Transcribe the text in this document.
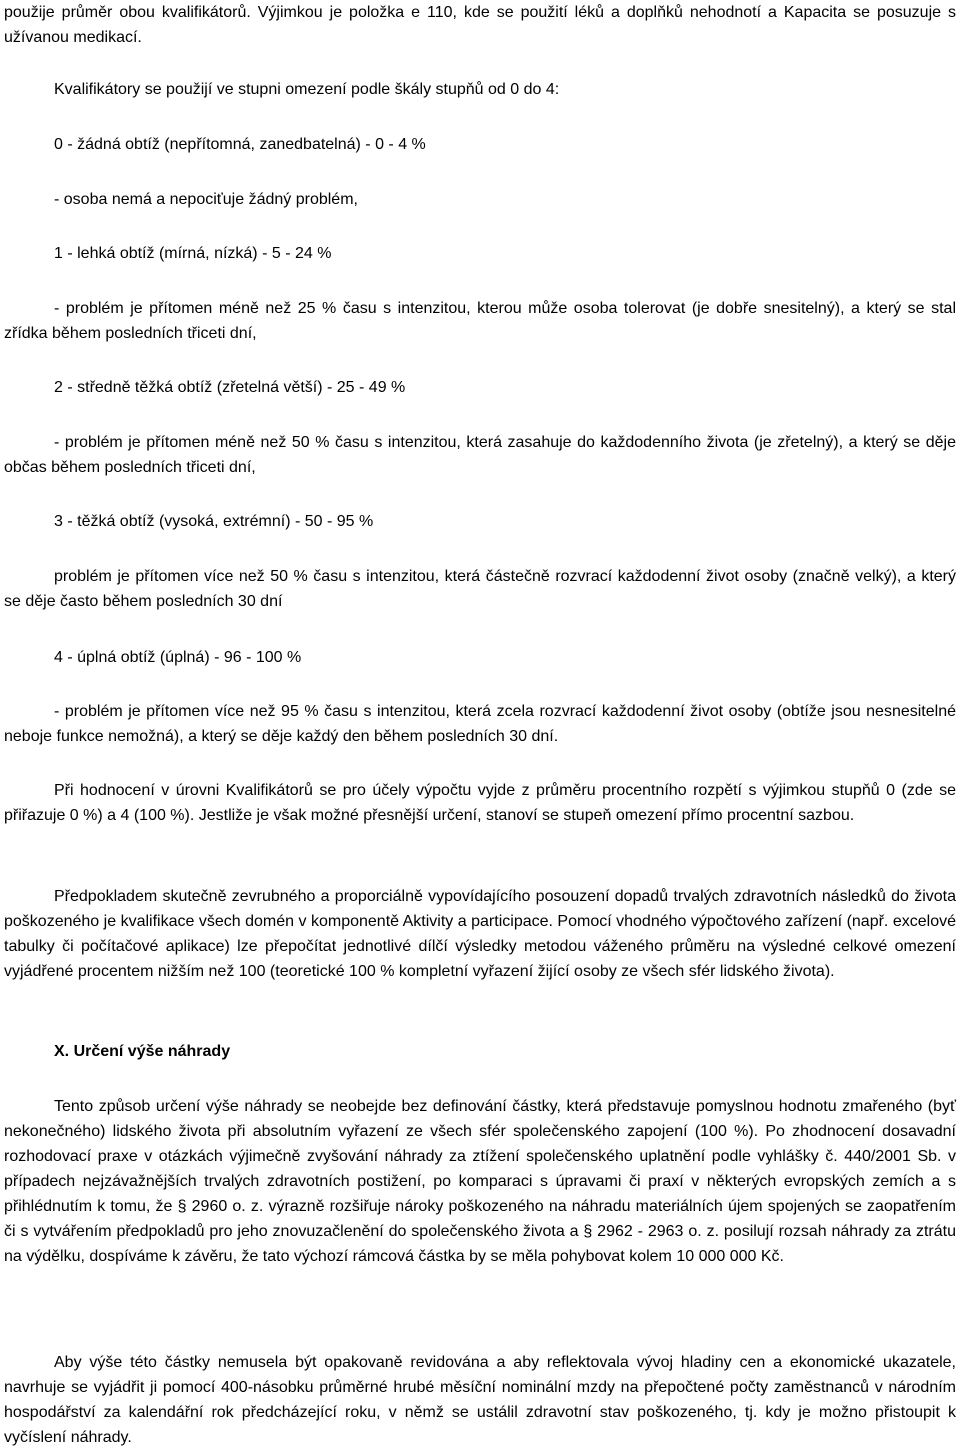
použije průměr obou kvalifikátorů. Výjimkou je položka e 110, kde se použití léků a doplňků nehodnotí a Kapacita se posuzuje s užívanou medikací.

Kvalifikátory se použijí ve stupni omezení podle škály stupňů od 0 do 4:

0 - žádná obtíž (nepřítomná, zanedbatelná) - 0 - 4 %

- osoba nemá a nepociťuje žádný problém,

1 - lehká obtíž (mírná, nízká) - 5 - 24 %

- problém je přítomen méně než 25 % času s intenzitou, kterou může osoba tolerovat (je dobře snesitelný), a který se stal zřídka během posledních třiceti dní,

2 - středně těžká obtíž (zřetelná větší) - 25 - 49 %

- problém je přítomen méně než 50 % času s intenzitou, která zasahuje do každodenního života (je zřetelný), a který se děje občas během posledních třiceti dní,

3 - těžká obtíž (vysoká, extrémní) - 50 - 95 %

problém je přítomen více než 50 % času s intenzitou, která částečně rozvrací každodenní život osoby (značně velký), a který se děje často během posledních 30 dní

4 - úplná obtíž (úplná) - 96 - 100 %

- problém je přítomen více než 95 % času s intenzitou, která zcela rozvrací každodenní život osoby (obtíže jsou nesnesitelné neboje funkce nemožná), a který se děje každý den během posledních 30 dní.

Při hodnocení v úrovni Kvalifikátorů se pro účely výpočtu vyjde z průměru procentního rozpětí s výjimkou stupňů 0 (zde se přiřazuje 0 %) a 4 (100 %). Jestliže je však možné přesnější určení, stanoví se stupeň omezení přímo procentní sazbou.

Předpokladem skutečně zevrubného a proporciálně vypovídajícího posouzení dopadů trvalých zdravotních následků do života poškozeného je kvalifikace všech domén v komponentě Aktivity a participace. Pomocí vhodného výpočtového zařízení (např. excelové tabulky či počítačové aplikace) lze přepočítat jednotlivé dílčí výsledky metodou váženého průměru na výsledné celkové omezení vyjádřené procentem nižším než 100 (teoretické 100 % kompletní vyřazení žijící osoby ze všech sfér lidského života).

X. Určení výše náhrady

Tento způsob určení výše náhrady se neobejde bez definování částky, která představuje pomyslnou hodnotu zmařeného (byť nekonečného) lidského života při absolutním vyřazení ze všech sfér společenského zapojení (100 %). Po zhodnocení dosavadní rozhodovací praxe v otázkách výjimečně zvyšování náhrady za ztížení společenského uplatnění podle vyhlášky č. 440/2001 Sb. v případech nejzávažnějších trvalých zdravotních postižení, po komparaci s úpravami či praxí v některých evropských zemích a s přihlédnutím k tomu, že § 2960 o. z. výrazně rozšiřuje nároky poškozeného na náhradu materiálních újem spojených se zaopatřením či s vytvářením předpokladů pro jeho znovuzačlenění do společenského života a § 2962 - 2963 o. z. posilují rozsah náhrady za ztrátu na výdělku, dospíváme k závěru, že tato výchozí rámcová částka by se měla pohybovat kolem 10 000 000 Kč.

Aby výše této částky nemusela být opakovaně revidována a aby reflektovala vývoj hladiny cen a ekonomické ukazatele, navrhuje se vyjádřit ji pomocí 400-násobku průměrné hrubé měsíční nominální mzdy na přepočtené počty zaměstnanců v národním hospodářství za kalendářní rok předcházející roku, v němž se ustálil zdravotní stav poškozeného, tj. kdy je možno přistoupit k vyčíslení náhrady.
